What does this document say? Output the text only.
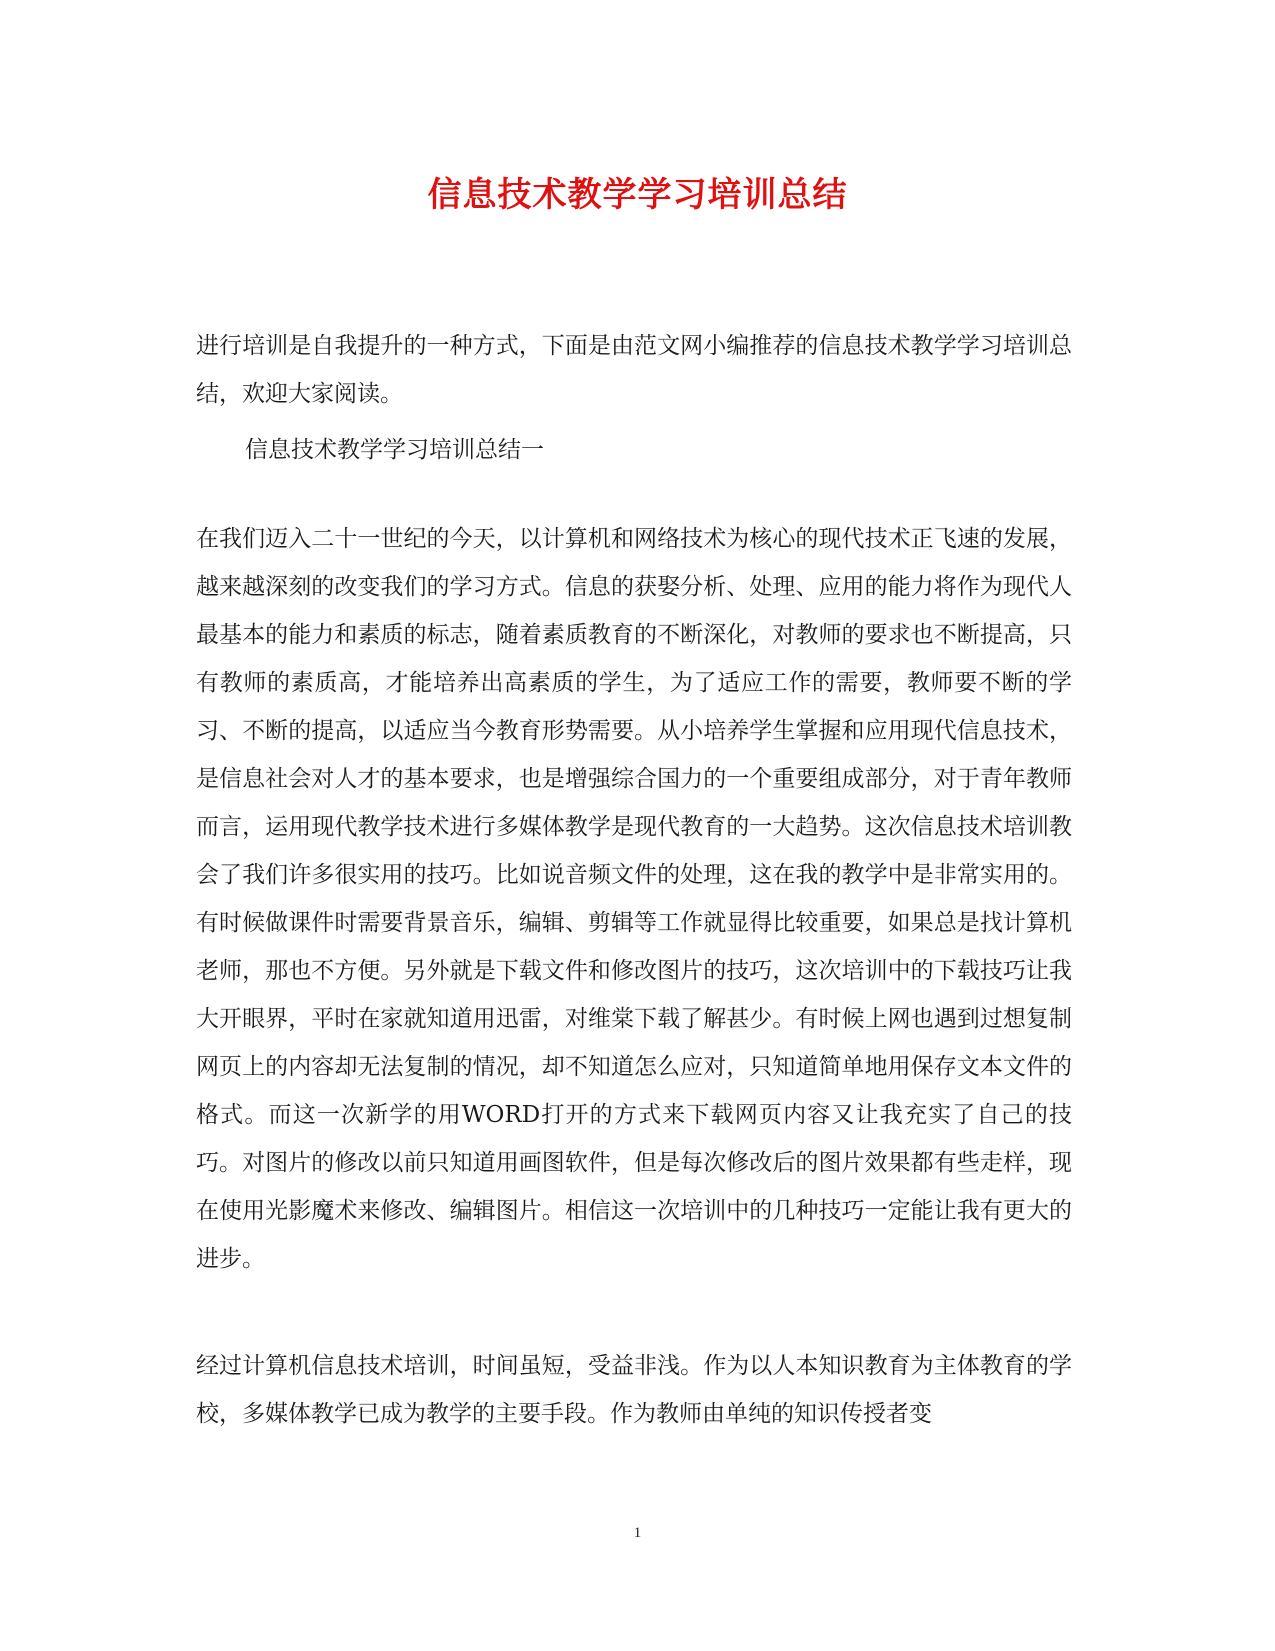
信息技术教学学习培训总结

进行培训是自我提升的一种方式，下面是由范文网小编推荐的信息技术教学学习培训总结，欢迎大家阅读。

信息技术教学学习培训总结一

在我们迈入二十一世纪的今天，以计算机和网络技术为核心的现代技术正飞速的发展，越来越深刻的改变我们的学习方式。信息的获娶分析、处理、应用的能力将作为现代人最基本的能力和素质的标志，随着素质教育的不断深化，对教师的要求也不断提高，只有教师的素质高，才能培养出高素质的学生，为了适应工作的需要，教师要不断的学习、不断的提高，以适应当今教育形势需要。从小培养学生掌握和应用现代信息技术，是信息社会对人才的基本要求，也是增强综合国力的一个重要组成部分，对于青年教师而言，运用现代教学技术进行多媒体教学是现代教育的一大趋势。这次信息技术培训教会了我们许多很实用的技巧。比如说音频文件的处理，这在我的教学中是非常实用的。有时候做课件时需要背景音乐，编辑、剪辑等工作就显得比较重要，如果总是找计算机老师，那也不方便。另外就是下载文件和修改图片的技巧，这次培训中的下载技巧让我大开眼界，平时在家就知道用迅雷，对维棠下载了解甚少。有时候上网也遇到过想复制网页上的内容却无法复制的情况，却不知道怎么应对，只知道简单地用保存文本文件的格式。而这一次新学的用WORD打开的方式来下载网页内容又让我充实了自己的技巧。对图片的修改以前只知道用画图软件，但是每次修改后的图片效果都有些走样，现在使用光影魔术来修改、编辑图片。相信这一次培训中的几种技巧一定能让我有更大的进步。

经过计算机信息技术培训，时间虽短，受益非浅。作为以人本知识教育为主体教育的学校，多媒体教学已成为教学的主要手段。作为教师由单纯的知识传授者变

1
